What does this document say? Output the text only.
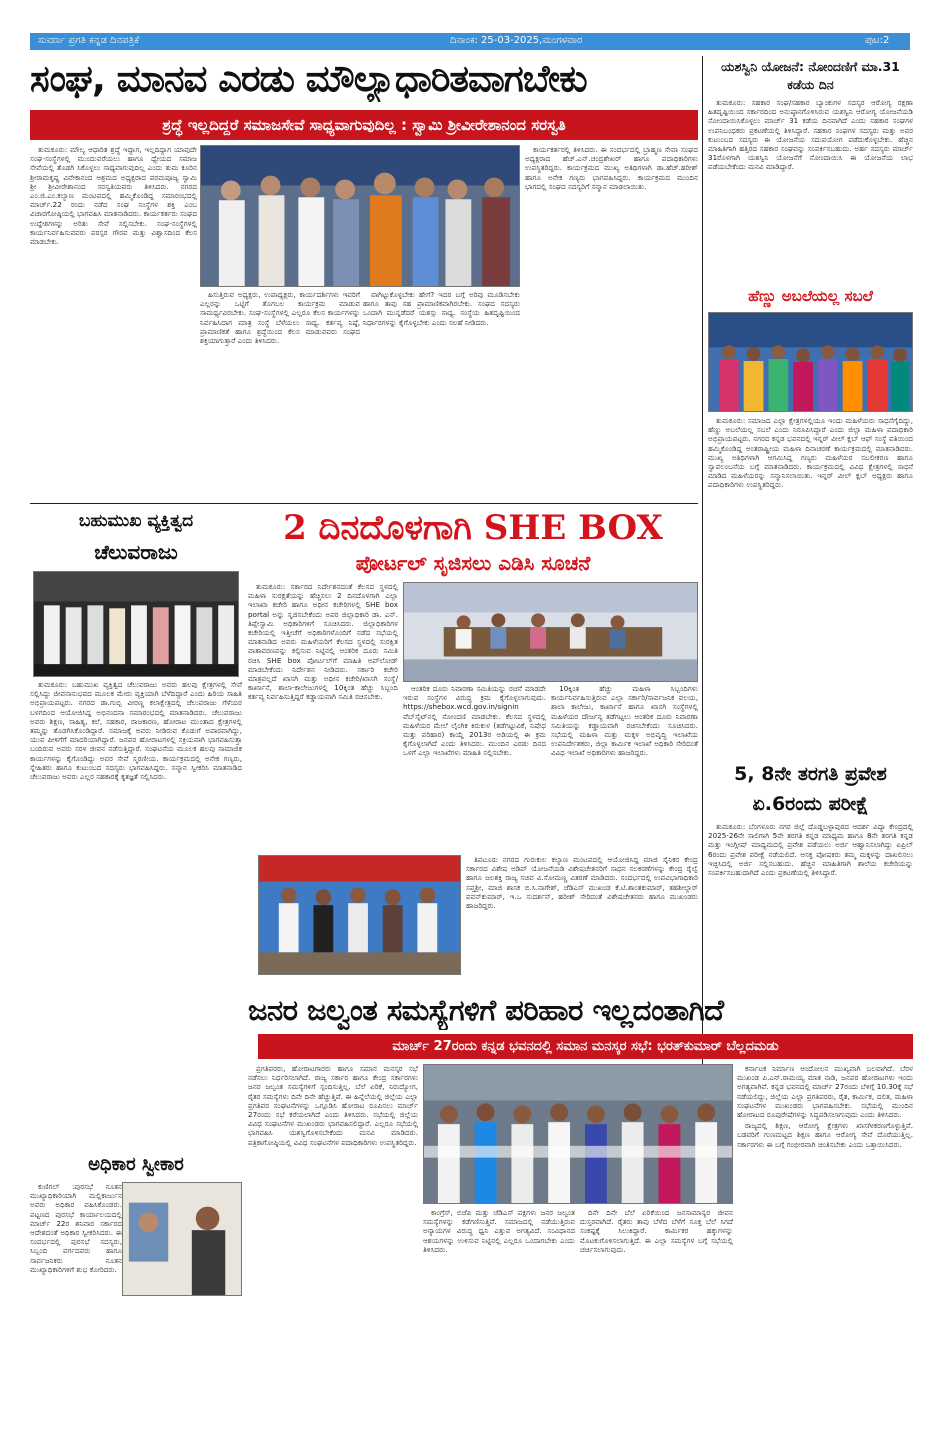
ಸುವರ್ಣ ಪ್ರಗತಿ ಕನ್ನಡ ದಿನಪತ್ರಿಕೆ	ದಿನಾಂಕ: 25-03-2025,ಮಂಗಳವಾರ	ಪುಟ:2
ಸಂಘ, ಮಾನವ ಎರಡು ಮೌಲ್ಯಾಧಾರಿತವಾಗಬೇಕು
ಶ್ರದ್ಧೆ ಇಲ್ಲದಿದ್ದರೆ ಸಮಾಜಸೇವೆ ಸಾಧ್ಯವಾಗುವುದಿಲ್ಲ : ಸ್ವಾಮಿ ಶ್ರೀವೀರೇಶಾನಂದ ಸರಸ್ವತಿ

ತುಮಕೂರು: ಮೌಲ್ಯ ಆಧಾರಿತ ಶ್ರದ್ಧೆ ಇದ್ದಾಗ, ಇಲ್ಲದಿದ್ದಾಗ ಯಾವುದೇ ಸಂಘ-ಸಂಸ್ಥೆಗಳಲ್ಲಿ ಮುಂದುವರೆಯಲು ಹಾಗೂ ಧ್ಯೇಯದ ಸಮಾಜ ಸೇವೆಯಲ್ಲಿ ತೊಡಗಿ ಸಿಕೊಳ್ಳಲು ಸಾಧ್ಯವಾಗುವುದಿಲ್ಲ ಎಂದು ತುಮ ಕೂರಿನ ಶ್ರೀರಾಮಕೃಷ್ಣ ವಿವೇಕಾನಂದ ಆಶ್ರಮದ ಅಧ್ಯಕ್ಷರಾದ ಪರಮಪೂಜ್ಯ ಸ್ವಾಮಿ ಶ್ರೀ ಶ್ರೀವೀರೇಶಾನಂದ ಸರಸ್ವತಿಯವರು ತಿಳಿಸಿದರು. ನಗರದ ಎಂ.ಜಿ.ಎಂ.ಕಲ್ಯಾಣ ಮಂಟಪದಲ್ಲಿ ಹಮ್ಮಿಕೊಂಡಿದ್ದ ಸಮಾರಂಭದಲ್ಲಿ ಮಾರ್ಚ್.22 ರಂದು ನಡೆದ ಸಂಘ ಸಂಸ್ಥೆಗಳ ಶಕ್ತಿ ಎಂಬ ವಿಚಾರಗೋಷ್ಠಿಯಲ್ಲಿ ಭಾಗವಹಿಸಿ ಮಾತನಾಡಿದರು. ಕಾರ್ಯಕರ್ತರು ಸಂಘದ ಉದ್ದೇಶಗಳನ್ನು ಅರಿತು ಸೇವೆ ಸಲ್ಲಿಸಬೇಕು. ಸಂಘ-ಸಂಸ್ಥೆಗಳಲ್ಲಿ ಕಾರ್ಯನಿರ್ವಹಿಸುವವರು ಪರಸ್ಪರ ಗೌರವ ಮತ್ತು ವಿಶ್ವಾಸದಿಂದ ಕೆಲಸ ಮಾಡಬೇಕು.

ಹಿಸುತ್ತಿರುವ ಅಧ್ಯಕ್ಷರು, ಉಪಾಧ್ಯಕ್ಷರು, ಕಾರ್ಯದರ್ಶಿಗಳು ಇವರಿಗೆ ಎಲ್ಲರನ್ನು ಒಟ್ಟಿಗೆ ತೊಗಬಲ ಕಾರ್ಯಕ್ರಮ ಮಾಡುವ ಸಾಮರ್ಥ್ಯವಿರಬೇಕು. ಸಂಘ-ಸಂಸ್ಥೆಗಳಲ್ಲಿ ಎಲ್ಲರೂ ಕೆಲಸ ಕಾರ್ಯಗಳನ್ನು ನಿರ್ವಹಿಸಿದಾಗ ಮಾತ್ರ ಸಂಸ್ಥೆ ಬೆಳೆಯಲು ಸಾಧ್ಯ. ಕರ್ತವ್ಯ ನಿಷ್ಠೆ, ಪ್ರಾಮಾಣಿಕತೆ ಹಾಗೂ ಶ್ರದ್ಧೆಯಿಂದ ಕೆಲಸ ಮಾಡುವವರು ಸಂಘದ ಶಕ್ತಿಯಾಗುತ್ತಾರೆ ಎಂದು ತಿಳಿಸಿದರು.

ವಾಗಿಟ್ಟುಕೊಳ್ಳಬೇಕು ಹೇಗೆ? ಇದರ ಬಗ್ಗೆ ಅರಿವು ಮೂಡಿಸಬೇಕು ಹಾಗೂ ತಾವು ಸಹ ಪ್ರಾಮಾಣಿಕವಾಗಿರಬೇಕು. ಸಂಘದ ಸದಸ್ಯರು ಒಂದಾಗಿ ಮುನ್ನಡೆದರೆ ಯಶಸ್ಸು ಸಾಧ್ಯ. ಸಂಸ್ಥೆಯ ಹಿತದೃಷ್ಟಿಯಿಂದ ನಿರ್ಧಾರಗಳನ್ನು ಕೈಗೊಳ್ಳಬೇಕು ಎಂದು ಸಲಹೆ ನೀಡಿದರು.

ಕಾರ್ಯಕರ್ತರಲ್ಲಿ ತಿಳಿಸಿದರು. ಈ ಸಂದರ್ಭದಲ್ಲಿ ಬ್ರಾಹ್ಮಣ ಸೇವಾ ಸಂಘದ ಅಧ್ಯಕ್ಷರಾದ ಹೆಚ್.ಎನ್.ಚಂದ್ರಶೇಖರ್ ಹಾಗೂ ಪದಾಧಿಕಾರಿಗಳು ಉಪಸ್ಥಿತರಿದ್ದರು. ಕಾರ್ಯಕ್ರಮದ ಮುಖ್ಯ ಅತಿಥಿಗಳಾಗಿ ಡಾ.ಹೆಚ್.ಹರೀಶ್ ಹಾಗೂ ಅನೇಕ ಗಣ್ಯರು ಭಾಗವಹಿಸಿದ್ದರು. ಕಾರ್ಯಕ್ರಮದ ಮುಂದಿನ ಭಾಗದಲ್ಲಿ ಸಂಘದ ಸದಸ್ಯರಿಗೆ ಸನ್ಮಾನ ಮಾಡಲಾಯಿತು.

ಯಶಸ್ವಿನಿ ಯೋಜನೆ: ನೋಂದಣಿಗೆ ಮಾ.31 ಕಡೆಯ ದಿನ

ತುಮಕೂರು: ಸಹಕಾರ ಸಂಘ/ಸಹಕಾರ ಬ್ಯಾಂಕುಗಳ ಸದಸ್ಯರ ಆರೋಗ್ಯ ರಕ್ಷಣಾ ಹಿತದೃಷ್ಟಿಯಿಂದ ಸರ್ಕಾರದಿಂದ ಅನುಷ್ಠಾನಗೊಳಿಸಿರುವ ಯಶಸ್ವಿನಿ ಆರೋಗ್ಯ ಯೋಜನೆಯಡಿ ನೋಂದಾಯಿಸಿಕೊಳ್ಳಲು ಮಾರ್ಚ್ 31 ಕಡೆಯ ದಿನವಾಗಿದೆ ಎಂದು ಸಹಕಾರ ಸಂಘಗಳ ಉಪನಿಬಂಧಕರು ಪ್ರಕಟಣೆಯಲ್ಲಿ ತಿಳಿಸಿದ್ದಾರೆ. ಸಹಕಾರ ಸಂಘಗಳ ಸದಸ್ಯರು ಮತ್ತು ಅವರ ಕುಟುಂಬದ ಸದಸ್ಯರು ಈ ಯೋಜನೆಯ ಸದುಪಯೋಗ ಪಡೆದುಕೊಳ್ಳಬೇಕು. ಹೆಚ್ಚಿನ ಮಾಹಿತಿಗಾಗಿ ಹತ್ತಿರದ ಸಹಕಾರ ಸಂಘವನ್ನು ಸಂಪರ್ಕಿಸಬಹುದು. ಅರ್ಹ ಸದಸ್ಯರು ಮಾರ್ಚ್ 31ರೊಳಗಾಗಿ ಯಶಸ್ವಿನಿ ಯೋಜನೆಗೆ ನೋಂದಾಯಿಸಿ ಈ ಯೋಜನೆಯ ಲಾಭ ಪಡೆಯಬೇಕೆಂದು ಮನವಿ ಮಾಡಿದ್ದಾರೆ.

ಹೆಣ್ಣು ಅಬಲೆಯಲ್ಲ ಸಬಲೆ

ತುಮಕೂರು: ಸಮಾಜದ ಎಲ್ಲಾ ಕ್ಷೇತ್ರಗಳಲ್ಲಿಯೂ ಇಂದು ಮಹಿಳೆಯರು ಸಾಧನೆಗೈದಿದ್ದು, ಹೆಣ್ಣು ಅಬಲೆಯಲ್ಲ ಸಬಲೆ ಎಂದು ನಿರೂಪಿಸಿದ್ದಾರೆ ಎಂದು ಜಿಲ್ಲಾ ಮಹಿಳಾ ಪದಾಧಿಕಾರಿ ಅಭಿಪ್ರಾಯಪಟ್ಟರು. ನಗರದ ಕನ್ನಡ ಭವನದಲ್ಲಿ ಇನ್ನರ್ ವೀಲ್ ಕ್ಲಬ್ ಆಫ್ ಸಂಸ್ಥೆ ವತಿಯಿಂದ ಹಮ್ಮಿಕೊಂಡಿದ್ದ ಅಂತರಾಷ್ಟ್ರೀಯ ಮಹಿಳಾ ದಿನಾಚರಣೆ ಕಾರ್ಯಕ್ರಮದಲ್ಲಿ ಮಾತನಾಡಿದರು. ಮುಖ್ಯ ಅತಿಥಿಗಳಾಗಿ ಆಗಮಿಸಿದ್ದ ಗಣ್ಯರು ಮಹಿಳೆಯರ ಸಬಲೀಕರಣ ಹಾಗೂ ಸ್ವಾವಲಂಬನೆಯ ಬಗ್ಗೆ ಮಾತನಾಡಿದರು. ಕಾರ್ಯಕ್ರಮದಲ್ಲಿ ವಿವಿಧ ಕ್ಷೇತ್ರಗಳಲ್ಲಿ ಸಾಧನೆ ಮಾಡಿದ ಮಹಿಳೆಯರನ್ನು ಸನ್ಮಾನಿಸಲಾಯಿತು. ಇನ್ನರ್ ವೀಲ್ ಕ್ಲಬ್ ಅಧ್ಯಕ್ಷರು ಹಾಗೂ ಪದಾಧಿಕಾರಿಗಳು ಉಪಸ್ಥಿತರಿದ್ದರು.

5, 8ನೇ ತರಗತಿ ಪ್ರವೇಶ
ಏ.6ರಂದು ಪರೀಕ್ಷೆ

ತುಮಕೂರು: ಬೆಂಗಳೂರು ನಗರ ಜಿಲ್ಲೆ ದೊಡ್ಡಬಳ್ಳಾಪುರದ ಆದರ್ಶ ವಿದ್ಯಾ ಕೇಂದ್ರದಲ್ಲಿ 2025-26ನೇ ಸಾಲಿಗಾಗಿ 5ನೇ ತರಗತಿ ಕನ್ನಡ ಮಾಧ್ಯಮ ಹಾಗೂ 8ನೇ ತರಗತಿ ಕನ್ನಡ ಮತ್ತು ಇಂಗ್ಲೀಷ್ ಮಾಧ್ಯಮದಲ್ಲಿ ಪ್ರವೇಶ ಪಡೆಯಲು ಅರ್ಜಿ ಆಹ್ವಾನಿಸಲಾಗಿದ್ದು ಏಪ್ರಿಲ್ 6ರಂದು ಪ್ರವೇಶ ಪರೀಕ್ಷೆ ನಡೆಯಲಿದೆ. ಆಸಕ್ತ ಪೋಷಕರು ತಮ್ಮ ಮಕ್ಕಳನ್ನು ದಾಖಲಿಸಲು ಇಚ್ಛಿಸಿದಲ್ಲಿ ಅರ್ಜಿ ಸಲ್ಲಿಸಬಹುದು. ಹೆಚ್ಚಿನ ಮಾಹಿತಿಗಾಗಿ ಶಾಲೆಯ ಕಚೇರಿಯನ್ನು ಸಂಪರ್ಕಿಸಬಹುದಾಗಿದೆ ಎಂದು ಪ್ರಕಟಣೆಯಲ್ಲಿ ತಿಳಿಸಿದ್ದಾರೆ.

ಬಹುಮುಖ ವ್ಯಕ್ತಿತ್ವದ
ಚೆಲುವರಾಜು

ತುಮಕೂರು: ಬಹುಮುಖ ವ್ಯಕ್ತಿತ್ವದ ಚೆಲುವರಾಜು ಅವರು ಹಲವು ಕ್ಷೇತ್ರಗಳಲ್ಲಿ ಸೇವೆ ಸಲ್ಲಿಸಿದ್ದು ಜೀವನಾನುಭವದ ಮೂಲಕ ಮೇರು ವ್ಯಕ್ತಿಯಾಗಿ ಬೆಳೆದಿದ್ದಾರೆ ಎಂದು ಹಿರಿಯ ಸಾಹಿತಿ ಅಭಿಪ್ರಾಯಪಟ್ಟರು. ನಗರದ ಡಾ.ಗುಬ್ಬಿ ವೀರಣ್ಣ ಕಲಾಕ್ಷೇತ್ರದಲ್ಲಿ ಚೆಲುವರಾಜು ಗೆಳೆಯರ ಬಳಗದಿಂದ ಆಯೋಜಿಸಿದ್ದ ಅಭಿನಂದನಾ ಸಮಾರಂಭದಲ್ಲಿ ಮಾತನಾಡಿದರು. ಚೆಲುವರಾಜು ಅವರು ಶಿಕ್ಷಣ, ಸಾಹಿತ್ಯ, ಕಲೆ, ಸಹಕಾರ, ರಾಜಕಾರಣ, ಹೋರಾಟ ಮುಂತಾದ ಕ್ಷೇತ್ರಗಳಲ್ಲಿ ತಮ್ಮನ್ನು ತೊಡಗಿಸಿಕೊಂಡಿದ್ದಾರೆ. ಸಮಾಜಕ್ಕೆ ಅವರು ನೀಡಿರುವ ಕೊಡುಗೆ ಅಪಾರವಾಗಿದ್ದು, ಯುವ ಪೀಳಿಗೆಗೆ ಮಾದರಿಯಾಗಿದ್ದಾರೆ. ಜನಪರ ಹೋರಾಟಗಳಲ್ಲಿ ಸಕ್ರಿಯವಾಗಿ ಭಾಗವಹಿಸುತ್ತಾ ಬಂದಿರುವ ಅವರು ಸರಳ ಜೀವನ ನಡೆಸುತ್ತಿದ್ದಾರೆ. ಸಂಘಟನೆಯ ಮೂಲಕ ಹಲವು ಸಾಮಾಜಿಕ ಕಾರ್ಯಗಳನ್ನು ಕೈಗೊಂಡಿದ್ದು ಅವರ ಸೇವೆ ಸ್ಮರಣೀಯ. ಕಾರ್ಯಕ್ರಮದಲ್ಲಿ ಅನೇಕ ಗಣ್ಯರು, ಸ್ನೇಹಿತರು ಹಾಗೂ ಕುಟುಂಬದ ಸದಸ್ಯರು ಭಾಗವಹಿಸಿದ್ದರು. ಸನ್ಮಾನ ಸ್ವೀಕರಿಸಿ ಮಾತನಾಡಿದ ಚೆಲುವರಾಜು ಅವರು ಎಲ್ಲರ ಸಹಕಾರಕ್ಕೆ ಕೃತಜ್ಞತೆ ಸಲ್ಲಿಸಿದರು.

2 ದಿನದೊಳಗಾಗಿ SHE BOX
ಪೋರ್ಟಲ್ ಸೃಜಿಸಲು ಎಡಿಸಿ ಸೂಚನೆ

ತುಮಕೂರು: ಸರ್ಕಾರದ ನಿರ್ದೇಶನದಂತೆ ಕೆಲಸದ ಸ್ಥಳದಲ್ಲಿ ಮಹಿಳಾ ಸುರಕ್ಷತೆಯನ್ನು ಹೆಚ್ಚಿಸಲು 2 ದಿನದೊಳಗಾಗಿ ಎಲ್ಲಾ ಇಲಾಖಾ ಕಚೇರಿ ಹಾಗೂ ಅಧೀನ ಕಚೇರಿಗಳಲ್ಲಿ SHE box portal ಅನ್ನು ಸೃಜಿಸಬೇಕೆಂದು ಅಪರ ಜಿಲ್ಲಾಧಿಕಾರಿ ಡಾ. ಎನ್. ತಿಪ್ಪೇಸ್ವಾಮಿ ಅಧಿಕಾರಿಗಳಿಗೆ ಸೂಚಿಸಿದರು. ಜಿಲ್ಲಾಧಿಕಾರಿಗಳ ಕಚೇರಿಯಲ್ಲಿ ಇತ್ತೀಚೆಗೆ ಅಧಿಕಾರಿಗಳೊಂದಿಗೆ ನಡೆದ ಸಭೆಯಲ್ಲಿ ಮಾತನಾಡಿದ ಅವರು ಮಹಿಳೆಯರಿಗೆ ಕೆಲಸದ ಸ್ಥಳದಲ್ಲಿ ಸುರಕ್ಷಿತ ವಾತಾವರಣವನ್ನು ಕಲ್ಪಿಸುವ ನಿಟ್ಟಿನಲ್ಲಿ ಆಂತರಿಕ ದೂರು ಸಮಿತಿ ರಚಿಸಿ SHE box ಪೋರ್ಟಲ್‌ಗೆ ಮಾಹಿತಿ ಅಪ್‌ಲೋಡ್ ಮಾಡಬೇಕೆಂದು ನಿರ್ದೇಶನ ನೀಡಿದರು. ಸರ್ಕಾರಿ ಕಚೇರಿ ಮಾತ್ರವಲ್ಲದೆ ಖಾಸಗಿ ಮತ್ತು ಅಧೀನ ಕಚೇರಿ/ಖಾಸಗಿ ಸಂಸ್ಥೆ/ಕಾರ್ಖಾನೆ, ಶಾಲಾ-ಕಾಲೇಜುಗಳಲ್ಲಿ 10ಕ್ಕಿಂತ ಹೆಚ್ಚು ಸಿಬ್ಬಂದಿ ಕರ್ತವ್ಯ ನಿರ್ವಹಿಸುತ್ತಿದ್ದರೆ ಕಡ್ಡಾಯವಾಗಿ ಸಮಿತಿ ರಚಿಸಬೇಕು.

ಆಂತರಿಕ ದೂರು ನಿವಾರಣಾ ಸಮಿತಿಯನ್ನು ರಚನೆ ಮಾಡದೇ ಇರುವ ಸಂಸ್ಥೆಗಳ ವಿರುದ್ಧ ಕ್ರಮ ಕೈಗೊಳ್ಳಲಾಗುವುದು. https://shebox.wcd.gov.in/signin ವೆಬ್‌ಸೈಟ್‌ನಲ್ಲಿ ನೋಂದಣಿ ಮಾಡಬೇಕು. ಕೆಲಸದ ಸ್ಥಳದಲ್ಲಿ ಮಹಿಳೆಯರ ಮೇಲೆ ಲೈಂಗಿಕ ಕಿರುಕುಳ (ತಡೆಗಟ್ಟುವಿಕೆ, ನಿಷೇಧ ಮತ್ತು ಪರಿಹಾರ) ಕಾಯ್ದೆ 2013ರ ಅಡಿಯಲ್ಲಿ ಈ ಕ್ರಮ ಕೈಗೊಳ್ಳಲಾಗಿದೆ ಎಂದು ತಿಳಿಸಿದರು. ಮುಂದಿನ ಎರಡು ದಿನದ ಒಳಗೆ ಎಲ್ಲಾ ಇಲಾಖೆಗಳು ಮಾಹಿತಿ ಸಲ್ಲಿಸಬೇಕು.

10ಕ್ಕಿಂತ ಹೆಚ್ಚು ಮಹಿಳಾ ಸಿಬ್ಬಂದಿಗಳು ಕಾರ್ಯನಿರ್ವಹಿಸುತ್ತಿರುವ ಎಲ್ಲಾ ಸರ್ಕಾರಿ/ಸಾರ್ವಜನಿಕ ವಲಯ, ಶಾಲಾ ಕಾಲೇಜು, ಕಾರ್ಖಾನೆ ಹಾಗೂ ಖಾಸಗಿ ಸಂಸ್ಥೆಗಳಲ್ಲಿ ಮಹಿಳೆಯರ ದೌರ್ಜನ್ಯ ತಡೆಗಟ್ಟಲು ಆಂತರಿಕ ದೂರು ನಿವಾರಣಾ ಸಮಿತಿಯನ್ನು ಕಡ್ಡಾಯವಾಗಿ ರಚಿಸಬೇಕೆಂದು ಸೂಚಿಸಿದರು. ಸಭೆಯಲ್ಲಿ ಮಹಿಳಾ ಮತ್ತು ಮಕ್ಕಳ ಅಭಿವೃದ್ಧಿ ಇಲಾಖೆಯ ಉಪನಿರ್ದೇಶಕರು, ಜಿಲ್ಲಾ ಕಾರ್ಮಿಕ ಇಲಾಖೆ ಅಧಿಕಾರಿ ಸೇರಿದಂತೆ ವಿವಿಧ ಇಲಾಖೆ ಅಧಿಕಾರಿಗಳು ಹಾಜರಿದ್ದರು.

ತಿಪಟೂರು ನಗರದ ಗುರುಕುಲ ಕಲ್ಯಾಣ ಮಂಟಪದಲ್ಲಿ ಆಯೋಜಿಸಿದ್ದ ಮಾಜಿ ಸೈನಿಕರ ಕೇಂದ್ರ ಸರ್ಕಾರದ ವಿಶೇಷ ಅಡಿಪ್ ಯೋಜನೆಯಡಿ ವಿಶೇಷಚೇತನರಿಗೆ ಸಾಧನ ಸಲಕರಣೆಗಳನ್ನು ಕೇಂದ್ರ ರೈಲ್ವೆ ಹಾಗೂ ಜಲಶಕ್ತಿ ರಾಜ್ಯ ಸಚಿವ ವಿ.ಸೋಮಣ್ಣ ವಿತರಣೆ ಮಾಡಿದರು. ಸಂದರ್ಭದಲ್ಲಿ ಉಪವಿಭಾಗಾಧಿಕಾರಿ ಸಪ್ತಶ್ರೀ, ಮಾಜಿ ಶಾಸಕ ಬಿ.ಸಿ.ನಾಗೇಶ್, ಜೆಡಿಎಸ್ ಮುಖಂಡ ಕೆ.ಟಿ.ಶಾಂತಕುಮಾರ್, ತಹಶೀಲ್ದಾರ್ ಪವನ್‌ಕುಮಾರ್, ಇ.ಒ ಸುದರ್ಶನ್, ಹರೀಶ್ ಸೇರಿದಂತೆ ವಿಶೇಷಚೇತನರು ಹಾಗೂ ಮುಖಂಡರು ಹಾಜರಿದ್ದರು.

ಅಧಿಕಾರ ಸ್ವೀಕಾರ

ಕುಣಿಗಲ್ :ಪುರಸಭೆ ನೂತನ ಮುಖ್ಯಾಧಿಕಾರಿಯಾಗಿ ಮಲ್ಲಿಕಾರ್ಜುನ ಅವರು ಅಧಿಕಾರ ವಹಿಸಿಕೊಂಡರು. ಪಟ್ಟಣದ ಪುರಸಭೆ ಕಾರ್ಯಾಲಯದಲ್ಲಿ ಮಾರ್ಚ್ 22ರ ಶನಿವಾರ ಸರ್ಕಾರದ ಆದೇಶದಂತೆ ಅಧಿಕಾರ ಸ್ವೀಕರಿಸಿದರು. ಈ ಸಂದರ್ಭದಲ್ಲಿ ಪುರಸಭೆ ಸದಸ್ಯರು, ಸಿಬ್ಬಂದಿ ವರ್ಗದವರು ಹಾಗೂ ಸಾರ್ವಜನಿಕರು ನೂತನ ಮುಖ್ಯಾಧಿಕಾರಿಗಳಿಗೆ ಶುಭ ಕೋರಿದರು.

ಜನರ ಜಲ್ವಂತ ಸಮಸ್ಯೆಗಳಿಗೆ ಪರಿಹಾರ ಇಲ್ಲದಂತಾಗಿದೆ
ಮಾರ್ಚ್ 27ರಂದು ಕನ್ನಡ ಭವನದಲ್ಲಿ ಸಮಾನ ಮನಸ್ಕರ ಸಭೆ: ಭರತ್‌ಕುಮಾರ್ ಬೆಲ್ಲದಮಡು

ಪ್ರಗತಿಪರರು, ಹೋರಾಟಗಾರರು ಹಾಗೂ ಸಮಾನ ಮನಸ್ಕರ ಸಭೆ ನಡೆಸಲು ನಿರ್ಧರಿಸಲಾಗಿದೆ. ರಾಜ್ಯ ಸರ್ಕಾರ ಹಾಗೂ ಕೇಂದ್ರ ಸರ್ಕಾರಗಳು ಜನರ ಜಲ್ವಂತ ಸಮಸ್ಯೆಗಳಿಗೆ ಸ್ಪಂದಿಸುತ್ತಿಲ್ಲ. ಬೆಲೆ ಏರಿಕೆ, ನಿರುದ್ಯೋಗ, ರೈತರ ಸಮಸ್ಯೆಗಳು ದಿನೇ ದಿನೇ ಹೆಚ್ಚುತ್ತಿವೆ. ಈ ಹಿನ್ನೆಲೆಯಲ್ಲಿ ಜಿಲ್ಲೆಯ ಎಲ್ಲಾ ಪ್ರಗತಿಪರ ಸಂಘಟನೆಗಳನ್ನು ಒಗ್ಗೂಡಿಸಿ ಹೋರಾಟ ರೂಪಿಸಲು ಮಾರ್ಚ್ 27ರಂದು ಸಭೆ ಕರೆಯಲಾಗಿದೆ ಎಂದು ತಿಳಿಸಿದರು. ಸಭೆಯಲ್ಲಿ ಜಿಲ್ಲೆಯ ವಿವಿಧ ಸಂಘಟನೆಗಳ ಮುಖಂಡರು ಭಾಗವಹಿಸಲಿದ್ದಾರೆ. ಎಲ್ಲರೂ ಸಭೆಯಲ್ಲಿ ಭಾಗವಹಿಸಿ ಯಶಸ್ವಿಗೊಳಿಸಬೇಕೆಂದು ಮನವಿ ಮಾಡಿದರು. ಪತ್ರಿಕಾಗೋಷ್ಠಿಯಲ್ಲಿ ವಿವಿಧ ಸಂಘಟನೆಗಳ ಪದಾಧಿಕಾರಿಗಳು ಉಪಸ್ಥಿತರಿದ್ದರು.

ಕಾಂಗ್ರೆಸ್, ಬಿಜೆಪಿ ಮತ್ತು ಜೆಡಿಎಸ್ ಪಕ್ಷಗಳು ಜನರ ಜಲ್ವಂತ ಸಮಸ್ಯೆಗಳನ್ನು ಕಡೆಗಣಿಸುತ್ತಿವೆ. ಸಮಾಜದಲ್ಲಿ ನಡೆಯುತ್ತಿರುವ ಅನ್ಯಾಯಗಳ ವಿರುದ್ಧ ಧ್ವನಿ ಎತ್ತುವ ಅಗತ್ಯವಿದೆ. ಸಂವಿಧಾನದ ಆಶಯಗಳನ್ನು ಉಳಿಸುವ ನಿಟ್ಟಿನಲ್ಲಿ ಎಲ್ಲರೂ ಒಂದಾಗಬೇಕು ಎಂದು ತಿಳಿಸಿದರು.

ದಿನೇ ದಿನೇ ಬೆಲೆ ಏರಿಕೆಯಿಂದ ಜನಸಾಮಾನ್ಯರ ಜೀವನ ದುಸ್ತರವಾಗಿದೆ. ರೈತರು ತಾವು ಬೆಳೆದ ಬೆಳೆಗೆ ಸೂಕ್ತ ಬೆಲೆ ಸಿಗದೆ ಸಂಕಷ್ಟಕ್ಕೆ ಸಿಲುಕಿದ್ದಾರೆ. ಕಾರ್ಮಿಕರ ಹಕ್ಕುಗಳನ್ನು ಮೊಟಕುಗೊಳಿಸಲಾಗುತ್ತಿದೆ. ಈ ಎಲ್ಲಾ ಸಮಸ್ಯೆಗಳ ಬಗ್ಗೆ ಸಭೆಯಲ್ಲಿ ಚರ್ಚಿಸಲಾಗುವುದು.

ಕರ್ನಾಟಕ ನಿರ್ಮಾಣ ಆಂದೋಲನ ಮುಖ್ಯವಾಗಿ ಬಲವಾಗಿದೆ. ಬೆರಳ ಮುಖಂಡ ಪಿ.ಎನ್.ರಾಮಯ್ಯ ಮಾತ ನಾಡಿ, ಜನಪರ ಹೋರಾಟಗಳು ಇಂದು ಅಗತ್ಯವಾಗಿವೆ. ಕನ್ನಡ ಭವನದಲ್ಲಿ ಮಾರ್ಚ್ 27ರಂದು ಬೆಳಿಗ್ಗೆ 10.30ಕ್ಕೆ ಸಭೆ ನಡೆಯಲಿದ್ದು, ಜಿಲ್ಲೆಯ ಎಲ್ಲಾ ಪ್ರಗತಿಪರರು, ರೈತ, ಕಾರ್ಮಿಕ, ದಲಿತ, ಮಹಿಳಾ ಸಂಘಟನೆಗಳ ಮುಖಂಡರು ಭಾಗವಹಿಸಬೇಕು. ಸಭೆಯಲ್ಲಿ ಮುಂದಿನ ಹೋರಾಟದ ರೂಪುರೇಷೆಗಳನ್ನು ಸಿದ್ಧಪಡಿಸಲಾಗುವುದು ಎಂದು ತಿಳಿಸಿದರು.

ರಾಜ್ಯದಲ್ಲಿ ಶಿಕ್ಷಣ, ಆರೋಗ್ಯ ಕ್ಷೇತ್ರಗಳು ಖಾಸಗೀಕರಣಗೊಳ್ಳುತ್ತಿವೆ. ಬಡವರಿಗೆ ಗುಣಮಟ್ಟದ ಶಿಕ್ಷಣ ಹಾಗೂ ಆರೋಗ್ಯ ಸೇವೆ ದೊರೆಯುತ್ತಿಲ್ಲ. ಸರ್ಕಾರಗಳು ಈ ಬಗ್ಗೆ ಗಂಭೀರವಾಗಿ ಚಿಂತಿಸಬೇಕು ಎಂದು ಒತ್ತಾಯಿಸಿದರು.
